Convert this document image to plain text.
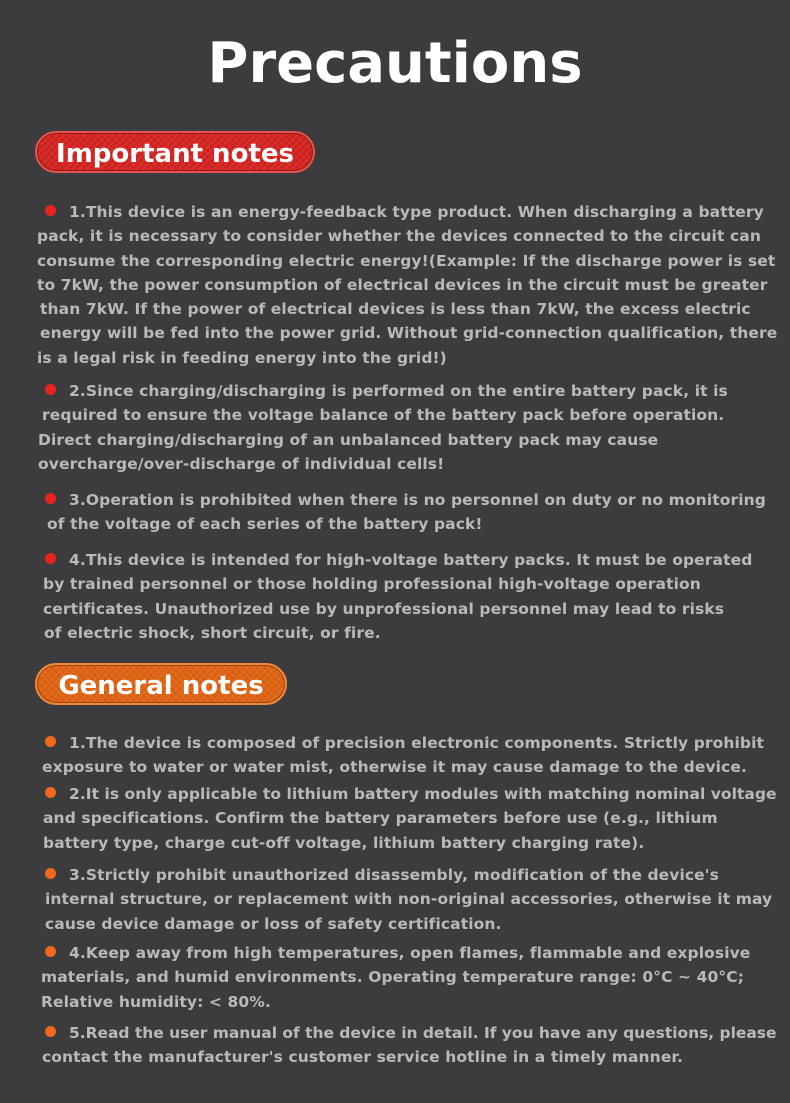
Precautions
Important notes
1.This device is an energy-feedback type product. When discharging a battery
pack, it is necessary to consider whether the devices connected to the circuit can
consume the corresponding electric energy!(Example: If the discharge power is set
to 7kW, the power consumption of electrical devices in the circuit must be greater
than 7kW. If the power of electrical devices is less than 7kW, the excess electric
energy will be fed into the power grid. Without grid-connection qualification, there
is a legal risk in feeding energy into the grid!)
2.Since charging/discharging is performed on the entire battery pack, it is
required to ensure the voltage balance of the battery pack before operation.
Direct charging/discharging of an unbalanced battery pack may cause
overcharge/over-discharge of individual cells!
3.Operation is prohibited when there is no personnel on duty or no monitoring
of the voltage of each series of the battery pack!
4.This device is intended for high-voltage battery packs. It must be operated
by trained personnel or those holding professional high-voltage operation
certificates. Unauthorized use by unprofessional personnel may lead to risks
of electric shock, short circuit, or fire.
General notes
1.The device is composed of precision electronic components. Strictly prohibit
exposure to water or water mist, otherwise it may cause damage to the device.
2.It is only applicable to lithium battery modules with matching nominal voltage
and specifications. Confirm the battery parameters before use (e.g., lithium
battery type, charge cut-off voltage, lithium battery charging rate).
3.Strictly prohibit unauthorized disassembly, modification of the device's
internal structure, or replacement with non-original accessories, otherwise it may
cause device damage or loss of safety certification.
4.Keep away from high temperatures, open flames, flammable and explosive
materials, and humid environments. Operating temperature range: 0°C ~ 40°C;
Relative humidity: < 80%.
5.Read the user manual of the device in detail. If you have any questions, please
contact the manufacturer's customer service hotline in a timely manner.
